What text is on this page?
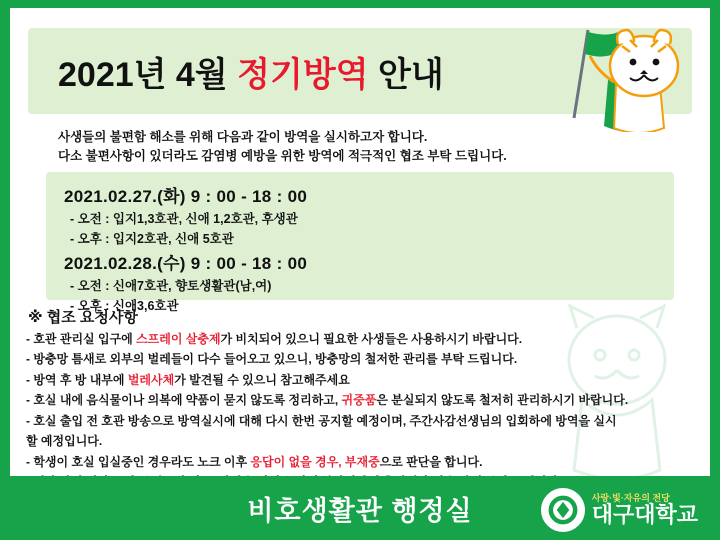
2021년 4월 정기방역 안내
사생들의 불편함 해소를 위해 다음과 같이 방역을 실시하고자 합니다.
다소 불편사항이 있더라도 감염병 예방을 위한 방역에 적극적인 협조 부탁 드립니다.
2021.02.27.(화) 9 : 00 - 18 : 00
- 오전 : 입지1,3호관, 신애 1,2호관, 후생관
- 오후 : 입지2호관, 신애 5호관
2021.02.28.(수) 9 : 00 - 18 : 00
- 오전 : 신애7호관, 향토생활관(남,여)
- 오후 : 신애3,6호관
※ 협조 요청사항
- 호관 관리실 입구에 스프레이 살충제가 비치되어 있으니 필요한 사생들은 사용하시기 바랍니다.
- 방충망 틈새로 외부의 벌레들이 다수 들어오고 있으니, 방충망의 철저한 관리를 부탁 드립니다.
- 방역 후 방 내부에 벌레사체가 발견될 수 있으니 참고해주세요
- 호실 내에 음식물이나 의복에 약품이 묻지 않도록 정리하고, 귀중품은 분실되지 않도록 철저히 관리하시기 바랍니다.
- 호실 출입 전 호관 방송으로 방역실시에 대해 다시 한번 공지할 예정이며, 주간사감선생님의 입회하에 방역을 실시
할 예정입니다.
- 학생이 호실 입실중인 경우라도 노크 이후 응답이 없을 경우, 부재중으로 판단을 합니다.
비호생활관 행정실	사랑·빛·자유의 전당
대구대학교
